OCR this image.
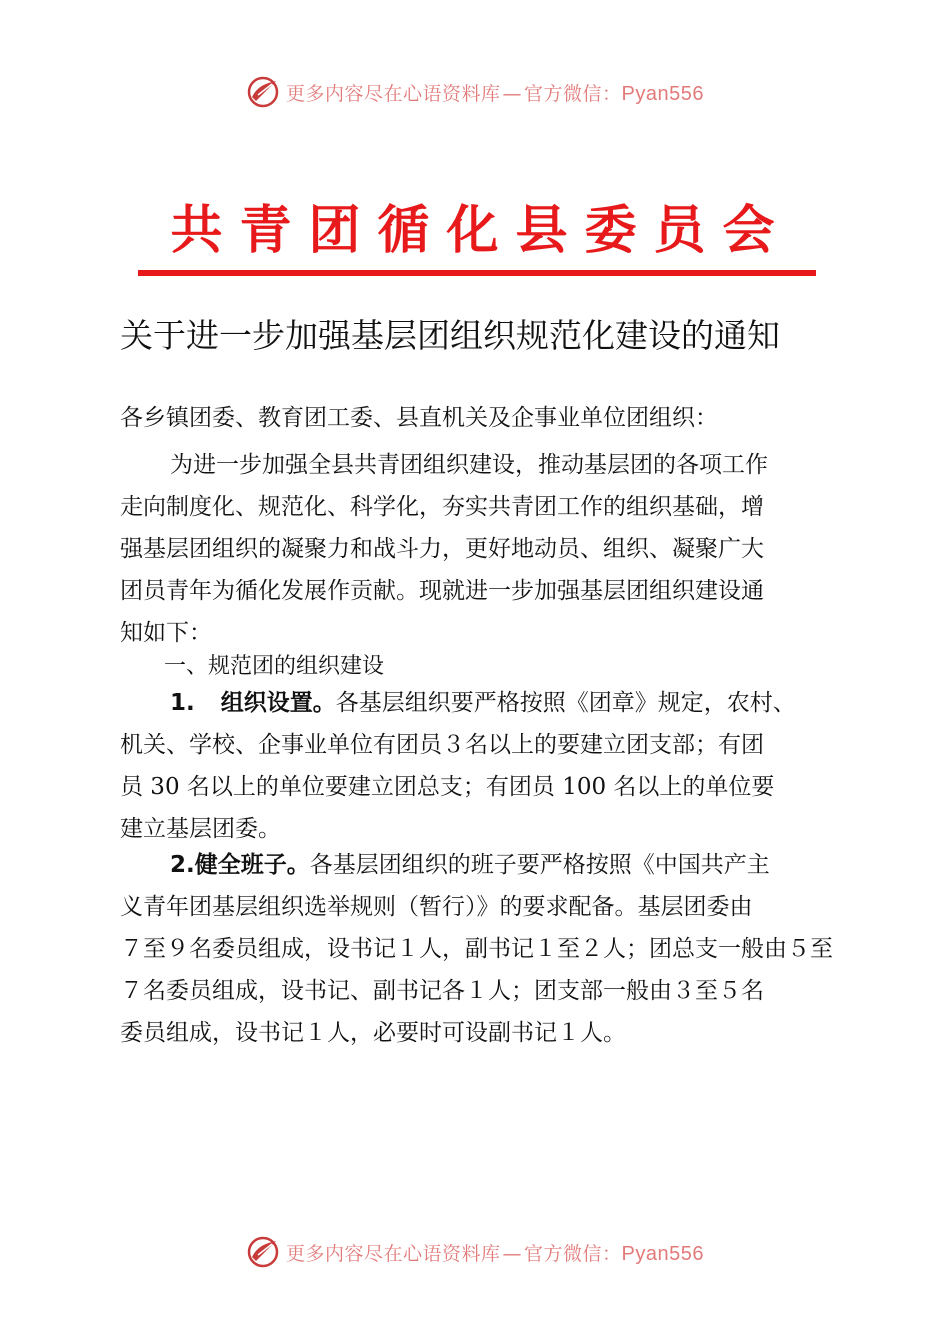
更多内容尽在心语资料库 — 官方微信：Pyan556
共青团循化县委员会
关于进一步加强基层团组织规范化建设的通知
各乡镇团委、教育团工委、县直机关及企事业单位团组织：
为进一步加强全县共青团组织建设，推动基层团的各项工作
走向制度化、规范化、科学化，夯实共青团工作的组织基础，增
强基层团组织的凝聚力和战斗力，更好地动员、组织、凝聚广大
团员青年为循化发展作贡献。现就进一步加强基层团组织建设通
知如下：
一、规范团的组织建设
1. 组织设置。各基层组织要严格按照《团章》规定，农村、
机关、学校、企事业单位有团员３名以上的要建立团支部；有团
员 30 名以上的单位要建立团总支；有团员 100 名以上的单位要
建立基层团委。
2.健全班子。各基层团组织的班子要严格按照《中国共产主
义青年团基层组织选举规则（暂行）》的要求配备。基层团委由
７至９名委员组成，设书记１人，副书记１至２人；团总支一般由５至
７名委员组成，设书记、副书记各１人；团支部一般由３至５名
委员组成，设书记１人，必要时可设副书记１人。
更多内容尽在心语资料库 — 官方微信：Pyan556
